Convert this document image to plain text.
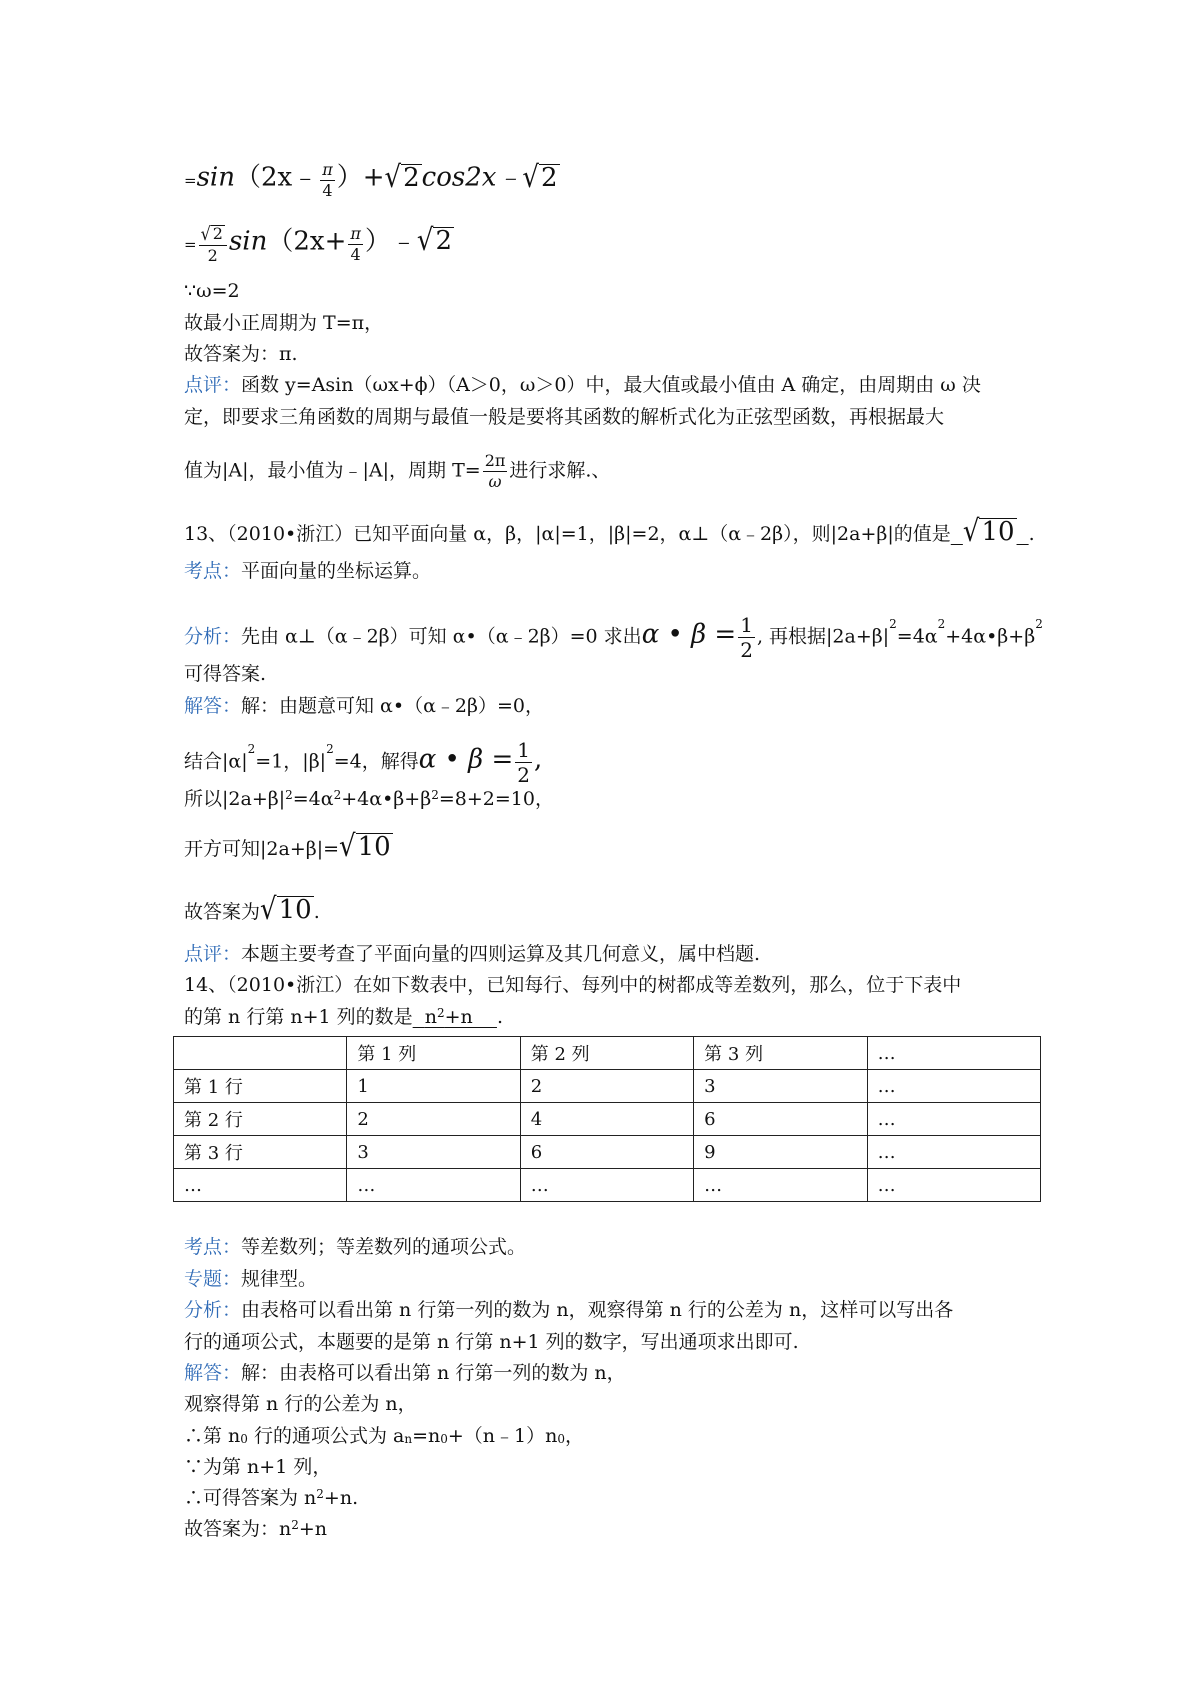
=sin（2x﹣ $\frac{\pi}{4}$ ）+√2cos2x﹣√2
= $\frac{√ 2}{2} \sin(2x+ \frac{\pi}{4}$ ）﹣√2
∵ω=2
故最小正周期为 T=π，
故答案为：π.
点评：函数 y=Asin（ωx+ϕ）（A＞0，ω＞0）中，最大值或最小值由 A 确定，由周期由 ω 决
定，即要求三角函数的周期与最值一般是要将其函数的解析式化为正弦型函数，再根据最大
值为|A|，最小值为﹣|A|，周期 $T= \frac{2\pi}{\omega}$ 进行求解.、
13、（2010•浙江）已知平面向量 α，β，|α|=1，|β|=2，α⊥（α﹣2β），则|2a+β|的值是 √10 .
考点：平面向量的坐标运算。
分析：先由 α⊥（α﹣2β）可知 α•（α﹣2β）=0 求出α • $\beta = \frac{1}{2}$ , 再根据$|2a+\beta|^2=4\alpha^2+4\alpha•\beta+\beta^2$
可得答案.
解答：解：由题意可知 α•（α﹣2β）=0，
结合$|\alpha|^2=1$，$|\beta|^2=4$，解得α • $\beta = \frac{1}{2}$ ,
所以$|2a+\beta|^2=4\alpha^2+4\alpha•\beta+\beta^2=8+2=10$，
开方可知|2a+β|=√10
故答案为√10 .
点评：本题主要考查了平面向量的四则运算及其几何意义，属中档题.
14、（2010•浙江）在如下数表中，已知每行、每列中的树都成等差数列，那么，位于下表中
的第 n 行第 n+1 列的数是 $n^2+n$    .
	第 1 列	第 2 列	第 3 列	…
第 1 行	1	2	3	…
第 2 行	2	4	6	…
第 3 行	3	6	9	…
…	…	…	…	…
考点：等差数列；等差数列的通项公式。
专题：规律型。
分析：由表格可以看出第 n 行第一列的数为 n，观察得第 n 行的公差为 n，这样可以写出各
行的通项公式，本题要的是第 n 行第 n+1 列的数字，写出通项求出即可.
解答：解：由表格可以看出第 n 行第一列的数为 n，
观察得第 n 行的公差为 n，
∴第 $n_0$ 行的通项公式为 $a_n=n_0+(n﹣1)n_0$，
∵为第 n+1 列，
∴可得答案为 $n^2+n$.
故答案为：$n^2+n$
